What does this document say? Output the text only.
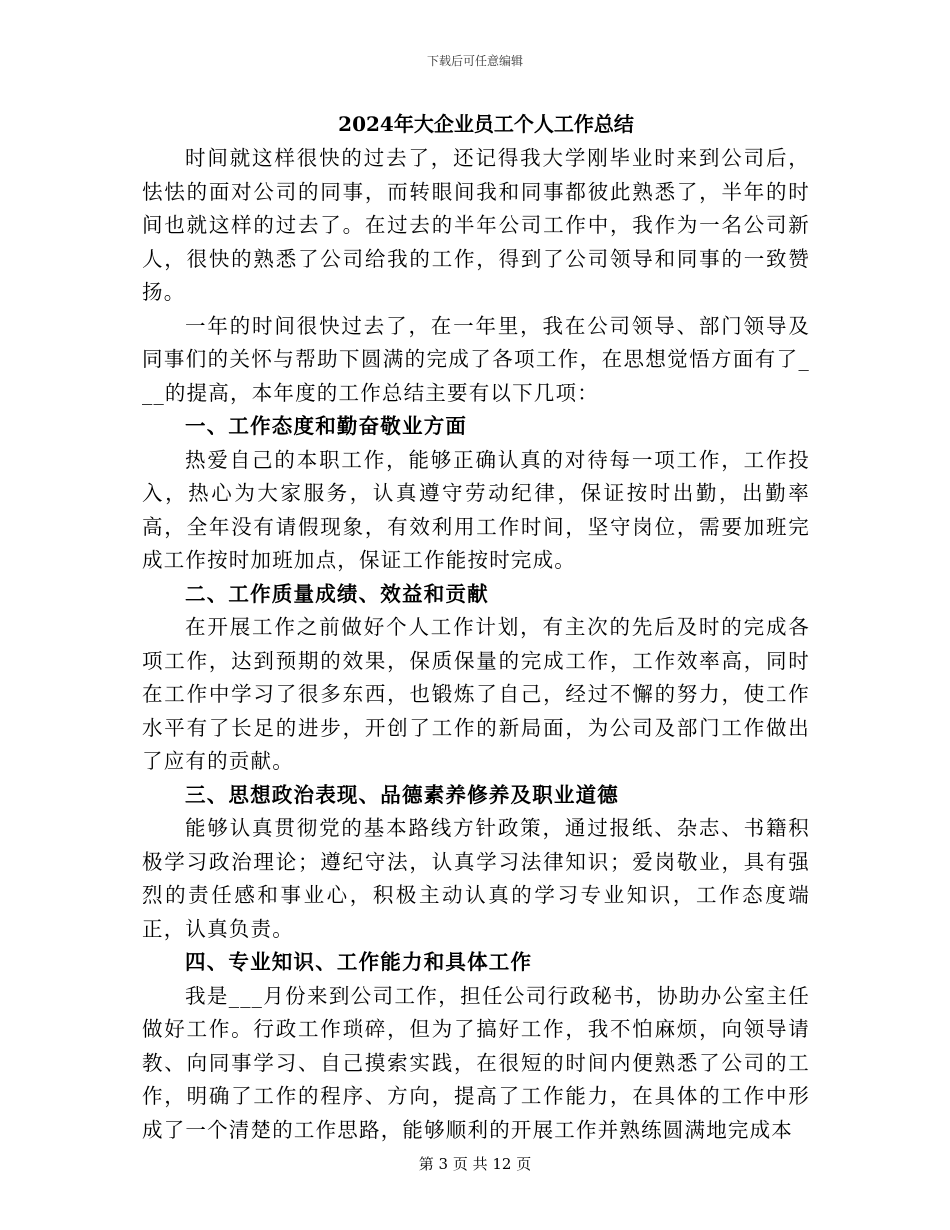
下载后可任意编辑
2024年大企业员工个人工作总结

时间就这样很快的过去了，还记得我大学刚毕业时来到公司后，怯怯的面对公司的同事，而转眼间我和同事都彼此熟悉了，半年的时间也就这样的过去了。在过去的半年公司工作中，我作为一名公司新人，很快的熟悉了公司给我的工作，得到了公司领导和同事的一致赞扬。

一年的时间很快过去了，在一年里，我在公司领导、部门领导及同事们的关怀与帮助下圆满的完成了各项工作，在思想觉悟方面有了___的提高，本年度的工作总结主要有以下几项：

一、工作态度和勤奋敬业方面

热爱自己的本职工作，能够正确认真的对待每一项工作，工作投入，热心为大家服务，认真遵守劳动纪律，保证按时出勤，出勤率高，全年没有请假现象，有效利用工作时间，坚守岗位，需要加班完成工作按时加班加点，保证工作能按时完成。

二、工作质量成绩、效益和贡献

在开展工作之前做好个人工作计划，有主次的先后及时的完成各项工作，达到预期的效果，保质保量的完成工作，工作效率高，同时在工作中学习了很多东西，也锻炼了自己，经过不懈的努力，使工作水平有了长足的进步，开创了工作的新局面，为公司及部门工作做出了应有的贡献。

三、思想政治表现、品德素养修养及职业道德

能够认真贯彻党的基本路线方针政策，通过报纸、杂志、书籍积极学习政治理论；遵纪守法，认真学习法律知识；爱岗敬业，具有强烈的责任感和事业心，积极主动认真的学习专业知识，工作态度端正，认真负责。

四、专业知识、工作能力和具体工作

我是___月份来到公司工作，担任公司行政秘书，协助办公室主任做好工作。行政工作琐碎，但为了搞好工作，我不怕麻烦，向领导请教、向同事学习、自己摸索实践，在很短的时间内便熟悉了公司的工作，明确了工作的程序、方向，提高了工作能力，在具体的工作中形成了一个清楚的工作思路，能够顺利的开展工作并熟练圆满地完成本

第 3 页 共 12 页
